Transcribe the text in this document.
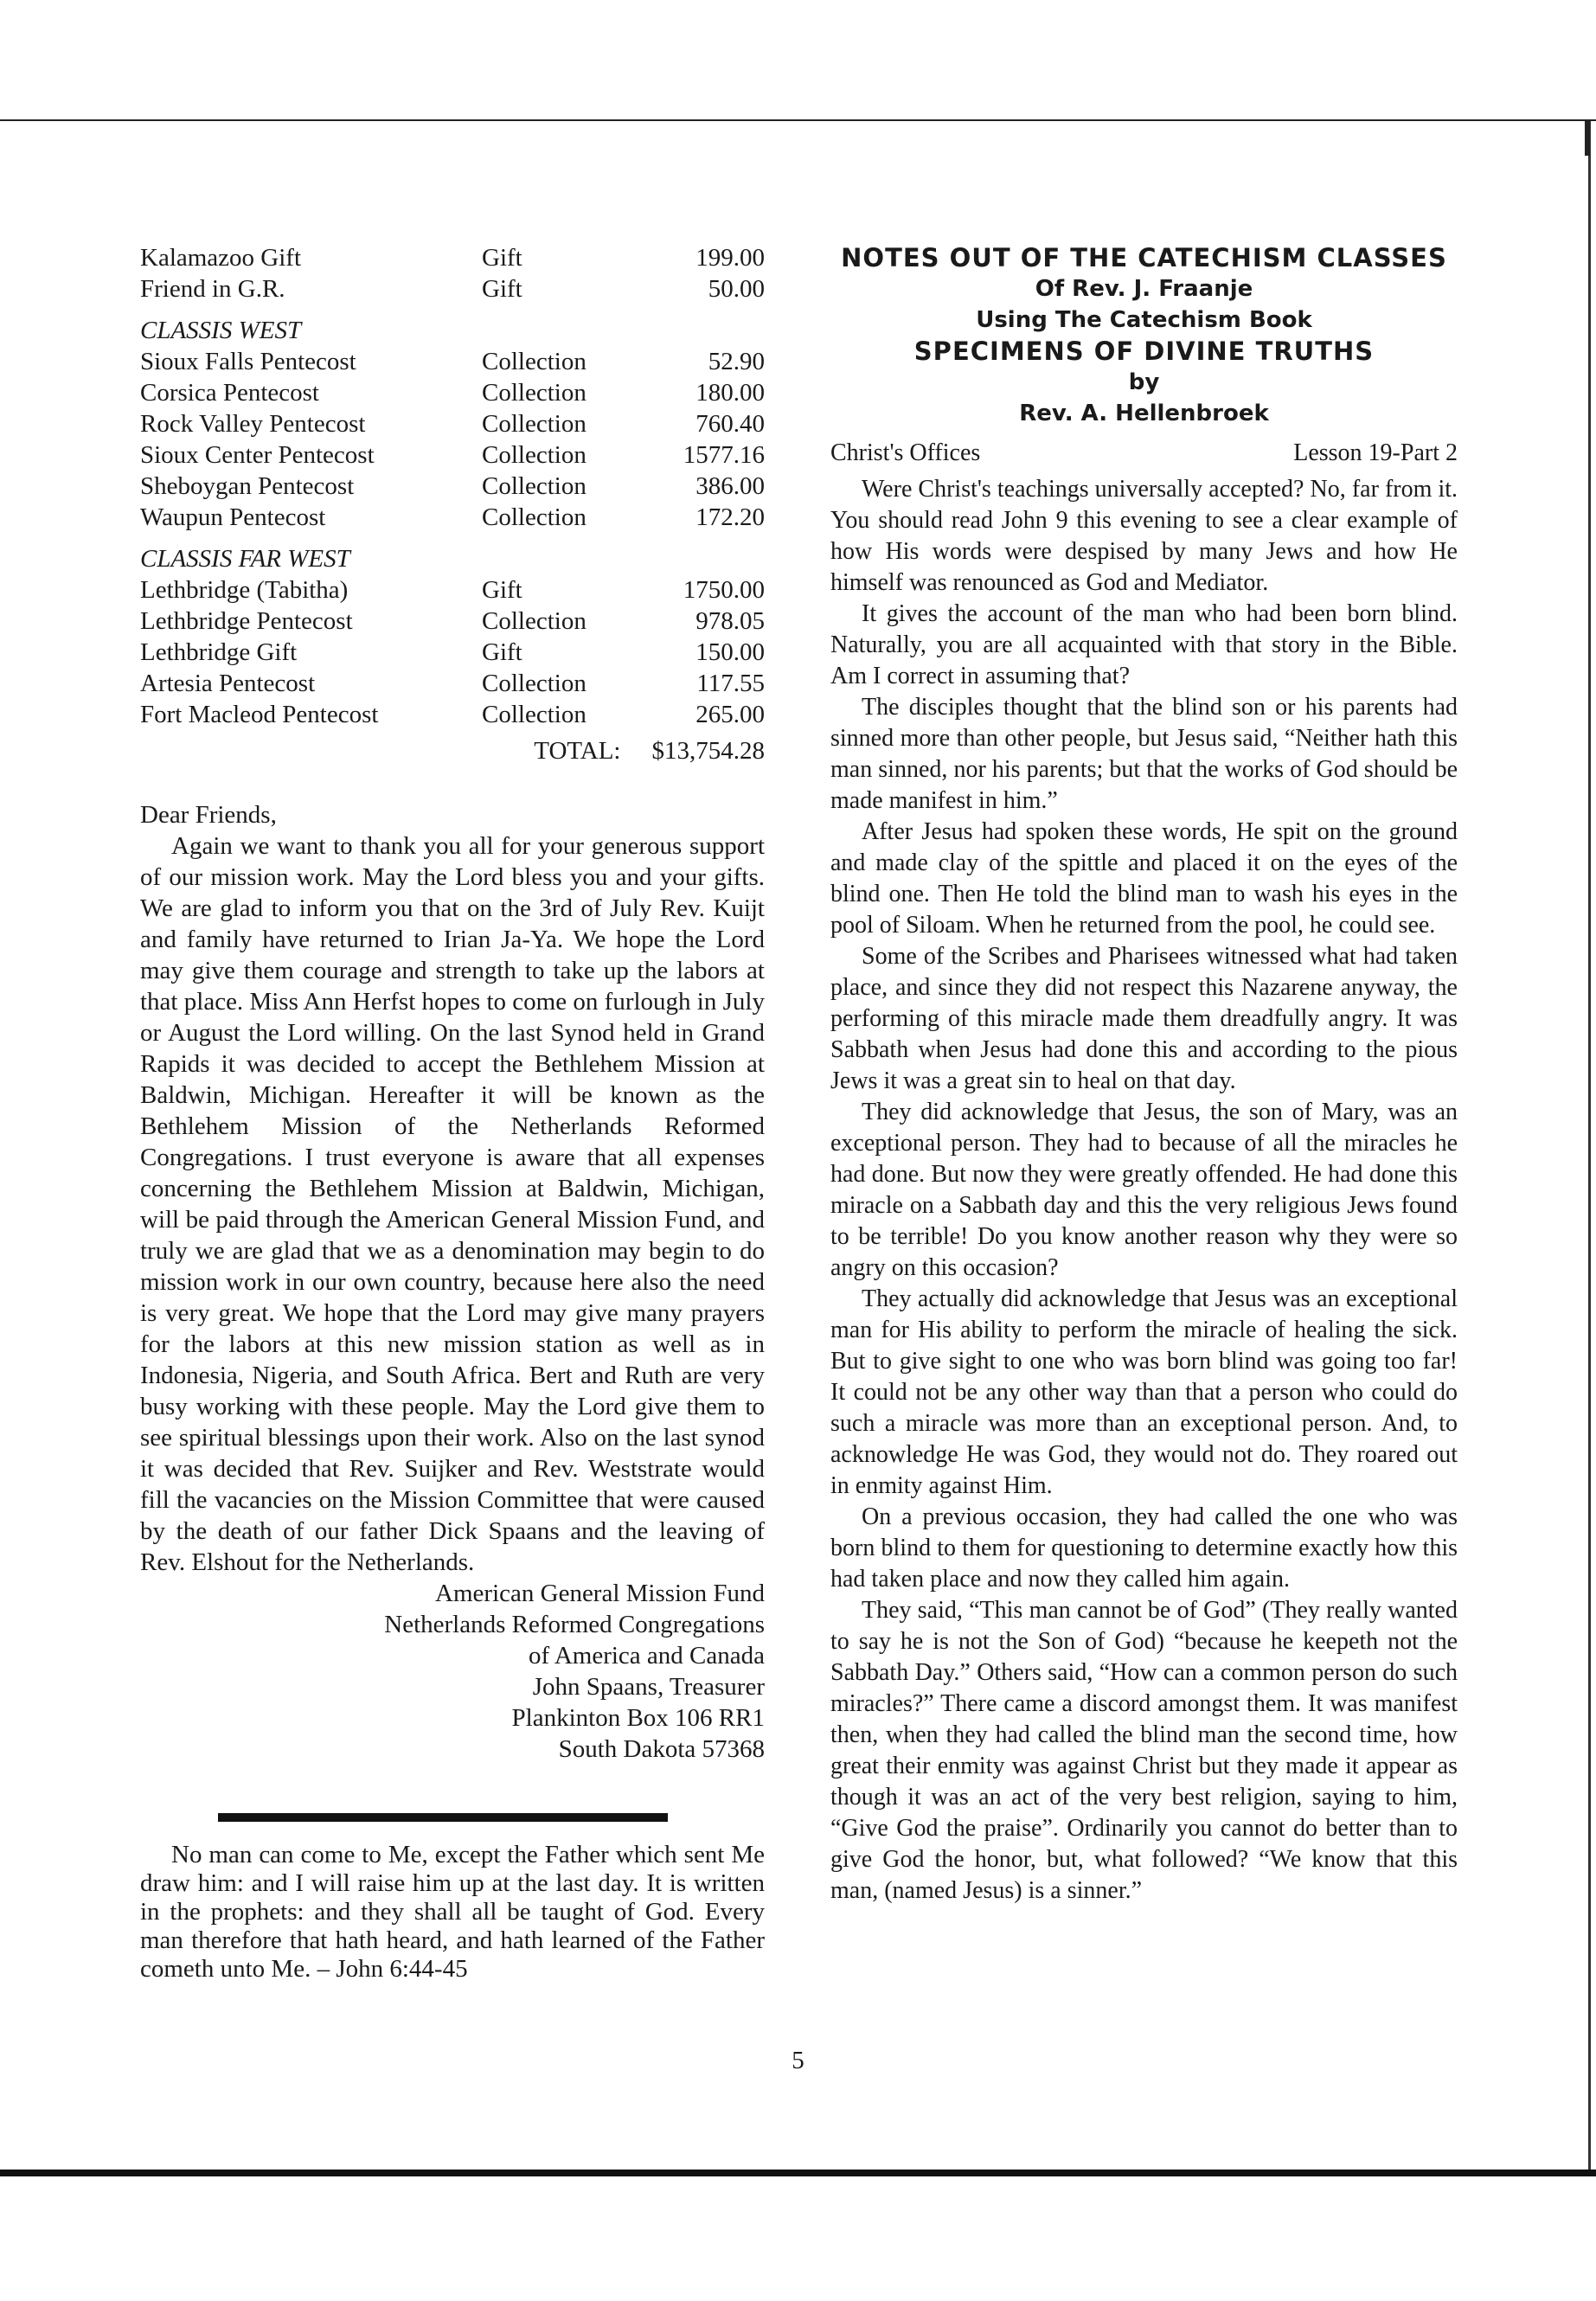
Kalamazoo Gift	Gift	199.00
Friend in G.R.	Gift	50.00
CLASSIS WEST
Sioux Falls Pentecost	Collection	52.90
Corsica Pentecost	Collection	180.00
Rock Valley Pentecost	Collection	760.40
Sioux Center Pentecost	Collection	1577.16
Sheboygan Pentecost	Collection	386.00
Waupun Pentecost	Collection	172.20
CLASSIS FAR WEST
Lethbridge (Tabitha)	Gift	1750.00
Lethbridge Pentecost	Collection	978.05
Lethbridge Gift	Gift	150.00
Artesia Pentecost	Collection	117.55
Fort Macleod Pentecost	Collection	265.00
TOTAL: $13,754.28
Dear Friends,

Again we want to thank you all for your generous support of our mission work. May the Lord bless you and your gifts. We are glad to inform you that on the 3rd of July Rev. Kuijt and family have returned to Irian Ja-Ya. We hope the Lord may give them courage and strength to take up the labors at that place. Miss Ann Herfst hopes to come on furlough in July or August the Lord willing. On the last Synod held in Grand Rapids it was decided to accept the Bethlehem Mission at Baldwin, Michigan. Hereafter it will be known as the Bethlehem Mission of the Netherlands Reformed Congregations. I trust everyone is aware that all expenses concerning the Bethlehem Mission at Baldwin, Michigan, will be paid through the American General Mission Fund, and truly we are glad that we as a denomination may begin to do mission work in our own country, because here also the need is very great. We hope that the Lord may give many prayers for the labors at this new mission station as well as in Indonesia, Nigeria, and South Africa. Bert and Ruth are very busy working with these people. May the Lord give them to see spiritual blessings upon their work. Also on the last synod it was decided that Rev. Suijker and Rev. Weststrate would fill the vacancies on the Mission Committee that were caused by the death of our father Dick Spaans and the leaving of Rev. Elshout for the Netherlands.

American General Mission Fund
Netherlands Reformed Congregations
of America and Canada
John Spaans, Treasurer
Plankinton Box 106 RR1
South Dakota 57368

No man can come to Me, except the Father which sent Me draw him: and I will raise him up at the last day. It is written in the prophets: and they shall all be taught of God. Every man therefore that hath heard, and hath learned of the Father cometh unto Me. – John 6:44-45

NOTES OUT OF THE CATECHISM CLASSES
Of Rev. J. Fraanje
Using The Catechism Book
SPECIMENS OF DIVINE TRUTHS
by
Rev. A. Hellenbroek
Christ's Offices	Lesson 19-Part 2

Were Christ's teachings universally accepted? No, far from it. You should read John 9 this evening to see a clear example of how His words were despised by many Jews and how He himself was renounced as God and Mediator.

It gives the account of the man who had been born blind. Naturally, you are all acquainted with that story in the Bible. Am I correct in assuming that?

The disciples thought that the blind son or his parents had sinned more than other people, but Jesus said, “Neither hath this man sinned, nor his parents; but that the works of God should be made manifest in him.”

After Jesus had spoken these words, He spit on the ground and made clay of the spittle and placed it on the eyes of the blind one. Then He told the blind man to wash his eyes in the pool of Siloam. When he returned from the pool, he could see.

Some of the Scribes and Pharisees witnessed what had taken place, and since they did not respect this Nazarene anyway, the performing of this miracle made them dreadfully angry. It was Sabbath when Jesus had done this and according to the pious Jews it was a great sin to heal on that day.

They did acknowledge that Jesus, the son of Mary, was an exceptional person. They had to because of all the miracles he had done. But now they were greatly offended. He had done this miracle on a Sabbath day and this the very religious Jews found to be terrible! Do you know another reason why they were so angry on this occasion?

They actually did acknowledge that Jesus was an exceptional man for His ability to perform the miracle of healing the sick. But to give sight to one who was born blind was going too far! It could not be any other way than that a person who could do such a miracle was more than an exceptional person. And, to acknowledge He was God, they would not do. They roared out in enmity against Him.

On a previous occasion, they had called the one who was born blind to them for questioning to determine exactly how this had taken place and now they called him again.

They said, “This man cannot be of God” (They really wanted to say he is not the Son of God) “because he keepeth not the Sabbath Day.” Others said, “How can a common person do such miracles?” There came a discord amongst them. It was manifest then, when they had called the blind man the second time, how great their enmity was against Christ but they made it appear as though it was an act of the very best religion, saying to him, “Give God the praise”. Ordinarily you cannot do better than to give God the honor, but, what followed? “We know that this man, (named Jesus) is a sinner.”

5
